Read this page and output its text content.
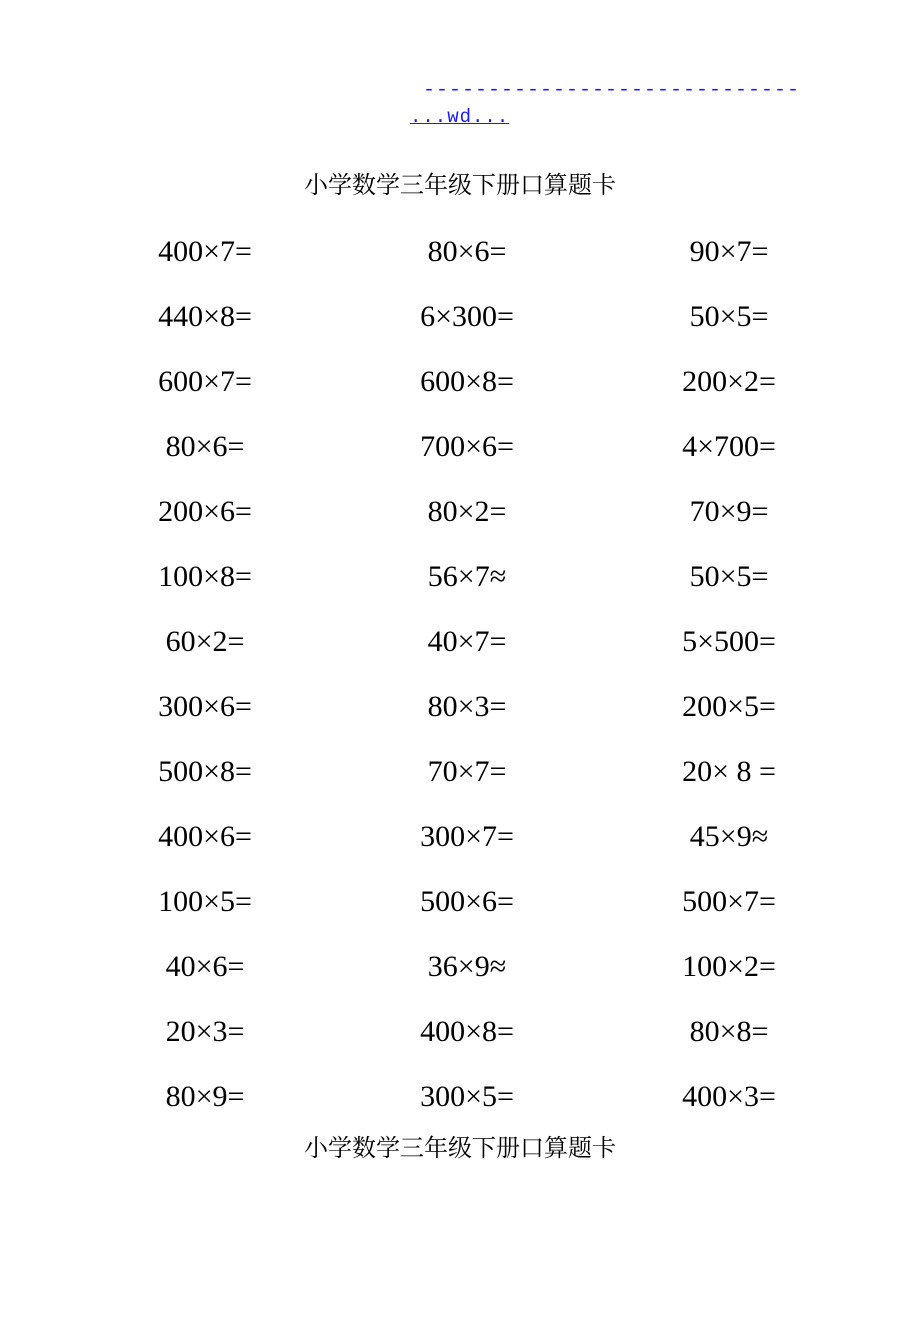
-----------------------------
...wd...
小学数学三年级下册口算题卡
400×7=	80×6=	90×7=
440×8=	6×300=	50×5=
600×7=	600×8=	200×2=
80×6=	700×6=	4×700=
200×6=	80×2=	70×9=
100×8=	56×7≈	50×5=
60×2=	40×7=	5×500=
300×6=	80×3=	200×5=
500×8=	70×7=	20× 8 =
400×6=	300×7=	45×9≈
100×5=	500×6=	500×7=
40×6=	36×9≈	100×2=
20×3=	400×8=	80×8=
80×9=	300×5=	400×3=
小学数学三年级下册口算题卡
